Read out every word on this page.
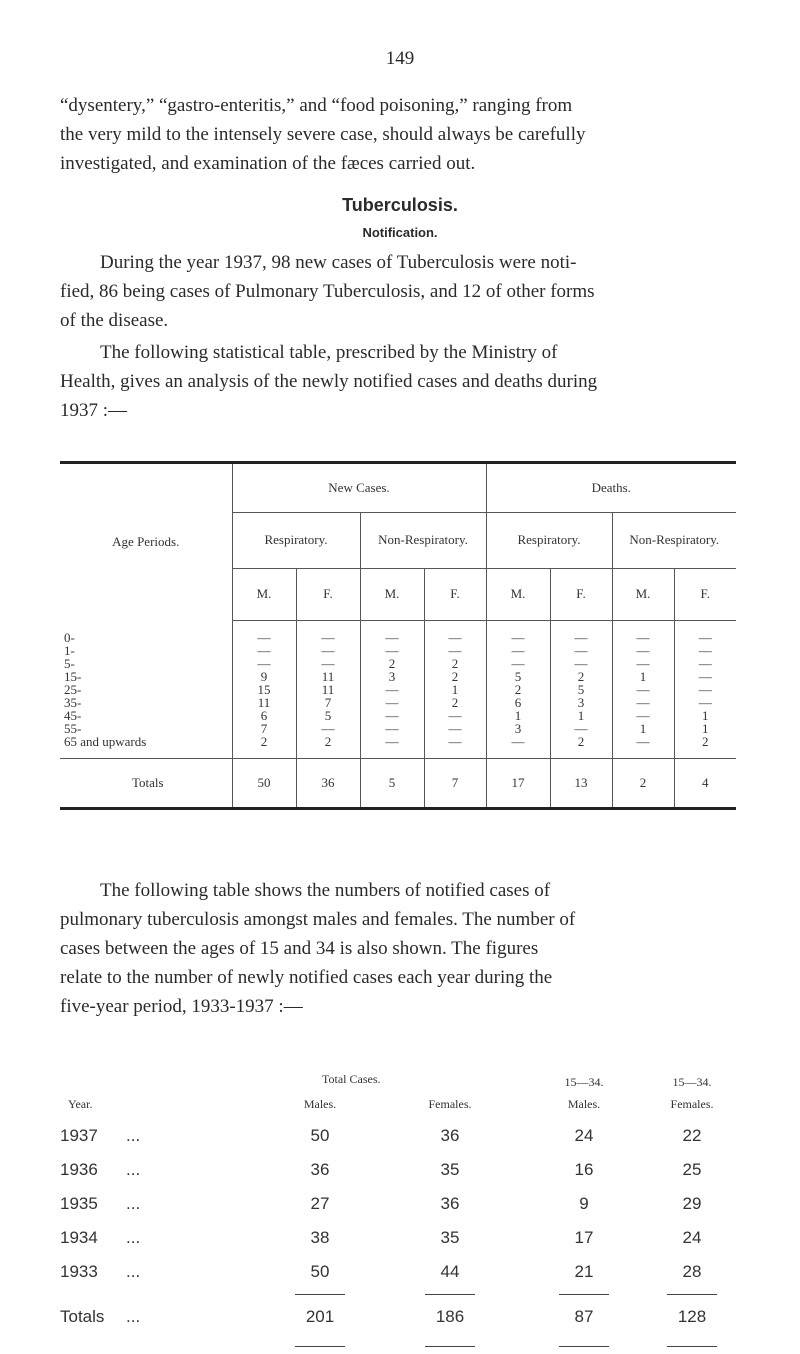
149

“dysentery,” “gastro-enteritis,” and “food poisoning,” ranging from
the very mild to the intensely severe case, should always be carefully
investigated, and examination of the fæces carried out.

Tuberculosis.
Notification.

During the year 1937, 98 new cases of Tuberculosis were noti-
fied, 86 being cases of Pulmonary Tuberculosis, and 12 of other forms
of the disease.

The following statistical table, prescribed by the Ministry of
Health, gives an analysis of the newly notified cases and deaths during
1937 :—

Age Periods.	New Cases.				Deaths.			
	Respiratory.		Non-Respiratory.		Respiratory.		Non-Respiratory.	
	M.	F.	M.	F.	M.	F.	M.	F.

0-	—	—	—	—	—	—	—	—
1-	—	—	—	—	—	—	—	—
5-	—	—	2	2	—	—	—	—
15-	9	11	3	2	5	2	1	—
25-	15	11	—	1	2	5	—	—
35-	11	7	—	2	6	3	—	—
45-	6	5	—	—	1	1	—	1
55-	7	—	—	—	3	—	1	1
65 and upwards	2	2	—	—	—	2	—	2

Totals	50	36	5	7	17	13	2	4

The following table shows the numbers of notified cases of
pulmonary tuberculosis amongst males and females. The number of
cases between the ages of 15 and 34 is also shown. The figures
relate to the number of newly notified cases each year during the
five-year period, 1933-1937 :—

		Total Cases.		15—34.	15—34.
Year.		Males.	Females.	Males.	Females.
1937	...	50	36	24	22
1936	...	36	35	16	25
1935	...	27	36	9	29
1934	...	38	35	17	24
1933	...	50	44	21	28

Totals	...	201	186	87	128
